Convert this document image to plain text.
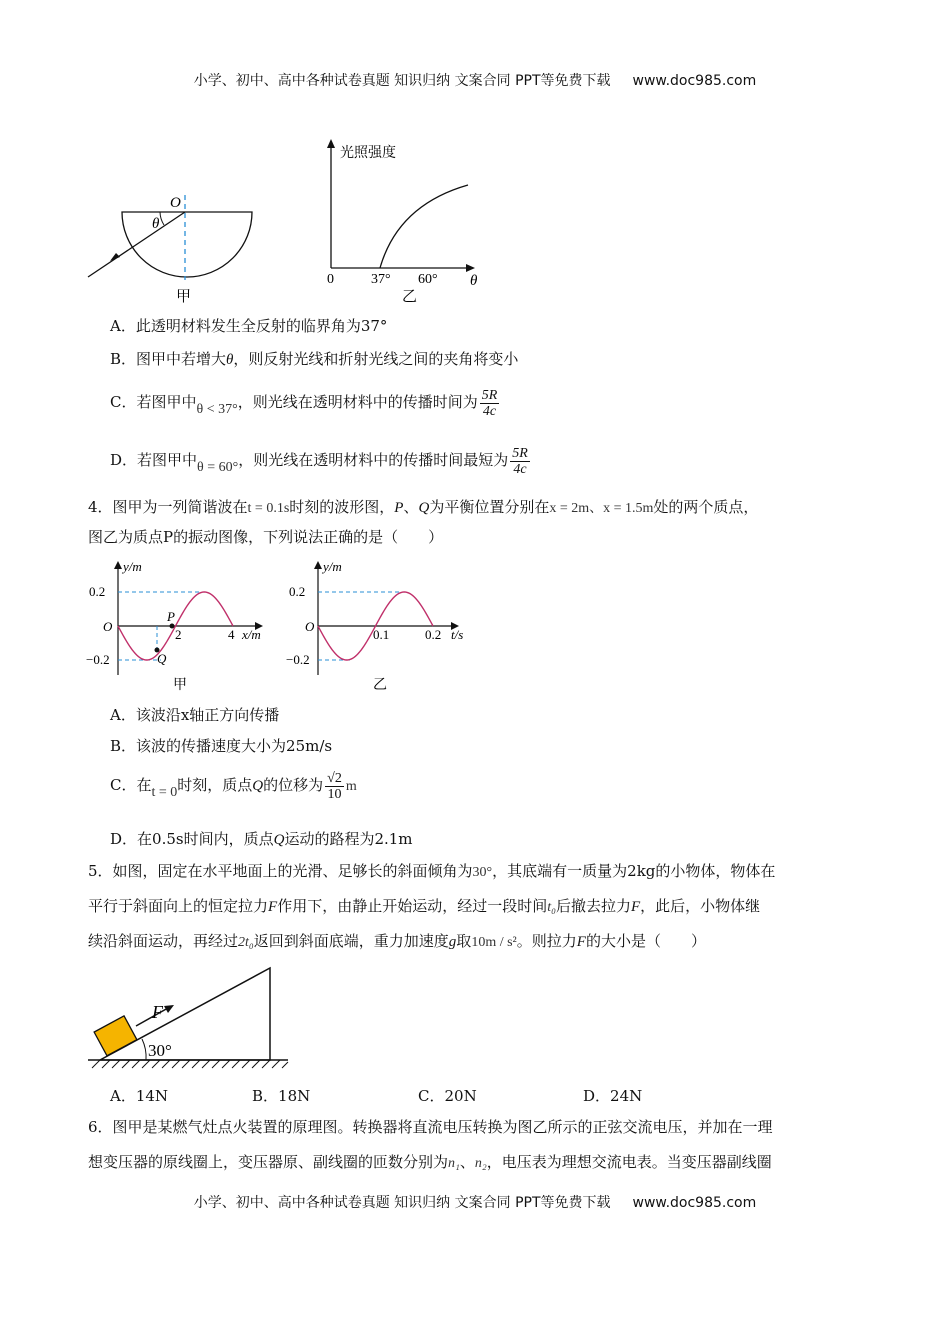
小学、初中、高中各种试卷真题 知识归纳 文案合同 PPT等免费下载 www.doc985.com
O
θ
甲
光照强度
0	37° 60° θ
乙
A．此透明材料发生全反射的临界角为37°
B．图甲中若增大θ，则反射光线和折射光线之间的夹角将变小
C．若图甲中θ < 37°，则光线在透明材料中的传播时间为 $\frac{5R}{4c}$
D．若图甲中θ = 60°，则光线在透明材料中的传播时间最短为 $\frac{5R}{4c}$
4．图甲为一列简谐波在t = 0.1s时刻的波形图，P、Q为平衡位置分别在x = 2m、x = 1.5m处的两个质点，
图乙为质点P的振动图像，下列说法正确的是（　　）
y/m
0.2
−0.2
O
2	4 x/m
P
Q
甲
y/m
0.2
−0.2
O
0.1	0.2 t/s
乙
A．该波沿x轴正方向传播
B．该波的传播速度大小为25m/s
C．在t = 0时刻，质点Q的位移为 $\frac{√2}{10}$ m
D．在0.5s时间内，质点Q运动的路程为2.1m
5．如图，固定在水平地面上的光滑、足够长的斜面倾角为30°，其底端有一质量为2kg的小物体，物体在
平行于斜面向上的恒定拉力F作用下，由静止开始运动，经过一段时间t₀后撤去拉力F，此后，小物体继
续沿斜面运动，再经过2t₀返回到斜面底端，重力加速度g取10m / s²。则拉力F的大小是（　　）
F
30°
A．14N	B．18N	C．20N	D．24N
6．图甲是某燃气灶点火装置的原理图。转换器将直流电压转换为图乙所示的正弦交流电压，并加在一理
想变压器的原线圈上，变压器原、副线圈的匝数分别为n₁、n₂，电压表为理想交流电表。当变压器副线圈
小学、初中、高中各种试卷真题 知识归纳 文案合同 PPT等免费下载 www.doc985.com
